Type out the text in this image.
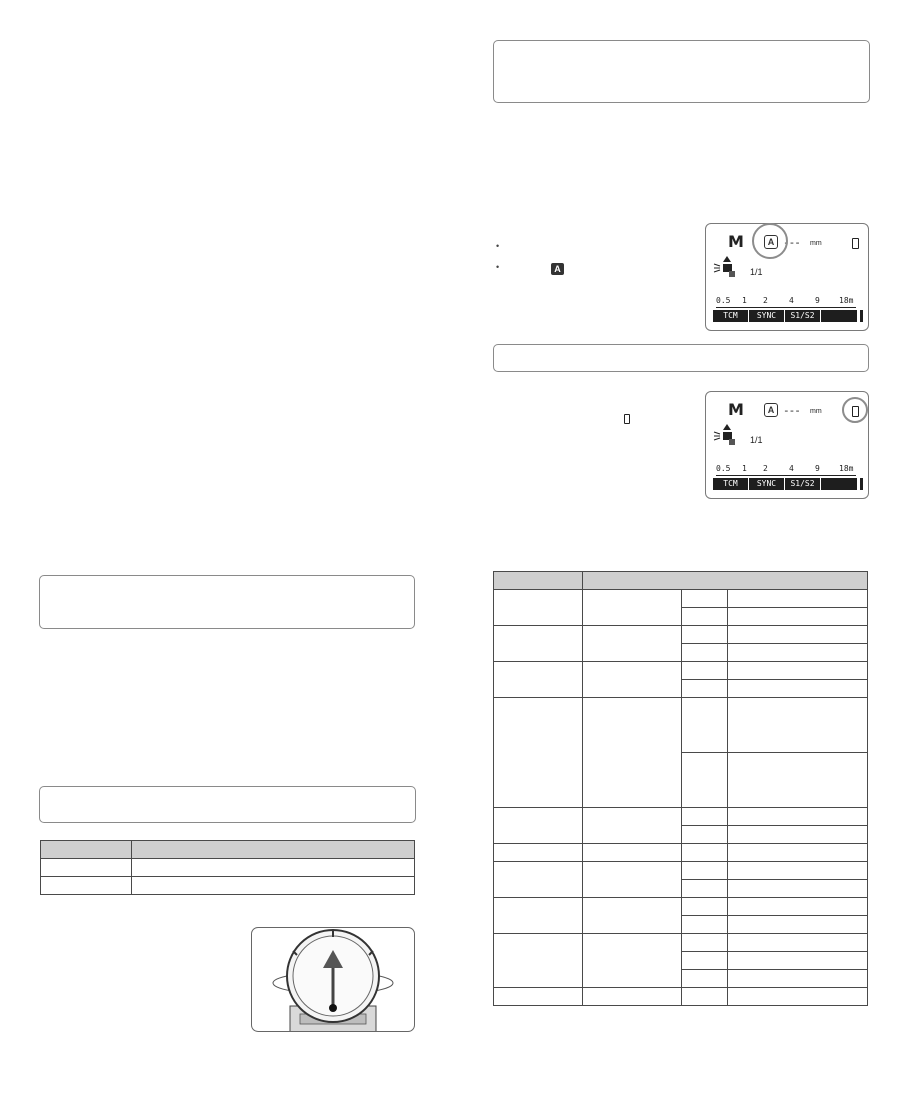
•
•	A
M	A --- mm
1/1
0.5 1 2	4	9 18m
TCM	SYNC	S1/S2
M	A --- mm
1/1
0.5 1 2	4	9 18m
TCM	SYNC	S1/S2
